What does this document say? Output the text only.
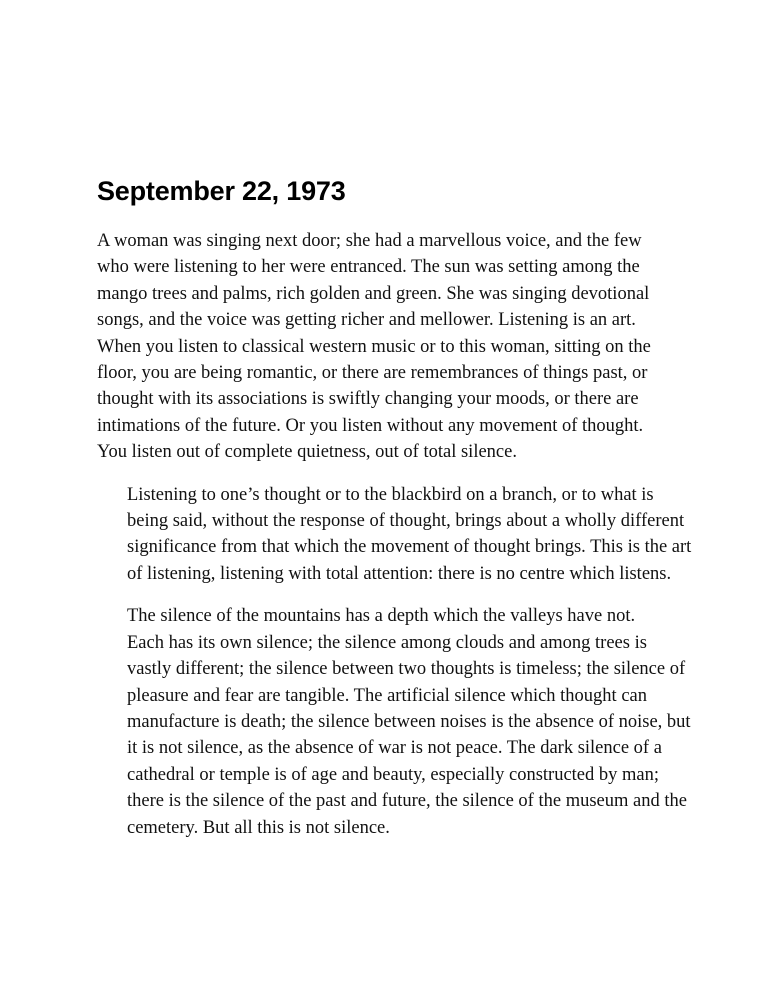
September 22, 1973

A woman was singing next door; she had a marvellous voice, and the few
who were listening to her were entranced. The sun was setting among the
mango trees and palms, rich golden and green. She was singing devotional
songs, and the voice was getting richer and mellower. Listening is an art.
When you listen to classical western music or to this woman, sitting on the
floor, you are being romantic, or there are remembrances of things past, or
thought with its associations is swiftly changing your moods, or there are
intimations of the future. Or you listen without any movement of thought.
You listen out of complete quietness, out of total silence.

Listening to one’s thought or to the blackbird on a branch, or to what is

being said, without the response of thought, brings about a wholly different
significance from that which the movement of thought brings. This is the art
of listening, listening with total attention: there is no centre which listens.

The silence of the mountains has a depth which the valleys have not.

Each has its own silence; the silence among clouds and among trees is
vastly different; the silence between two thoughts is timeless; the silence of
pleasure and fear are tangible. The artificial silence which thought can
manufacture is death; the silence between noises is the absence of noise, but
it is not silence, as the absence of war is not peace. The dark silence of a
cathedral or temple is of age and beauty, especially constructed by man;
there is the silence of the past and future, the silence of the museum and the
cemetery. But all this is not silence.
